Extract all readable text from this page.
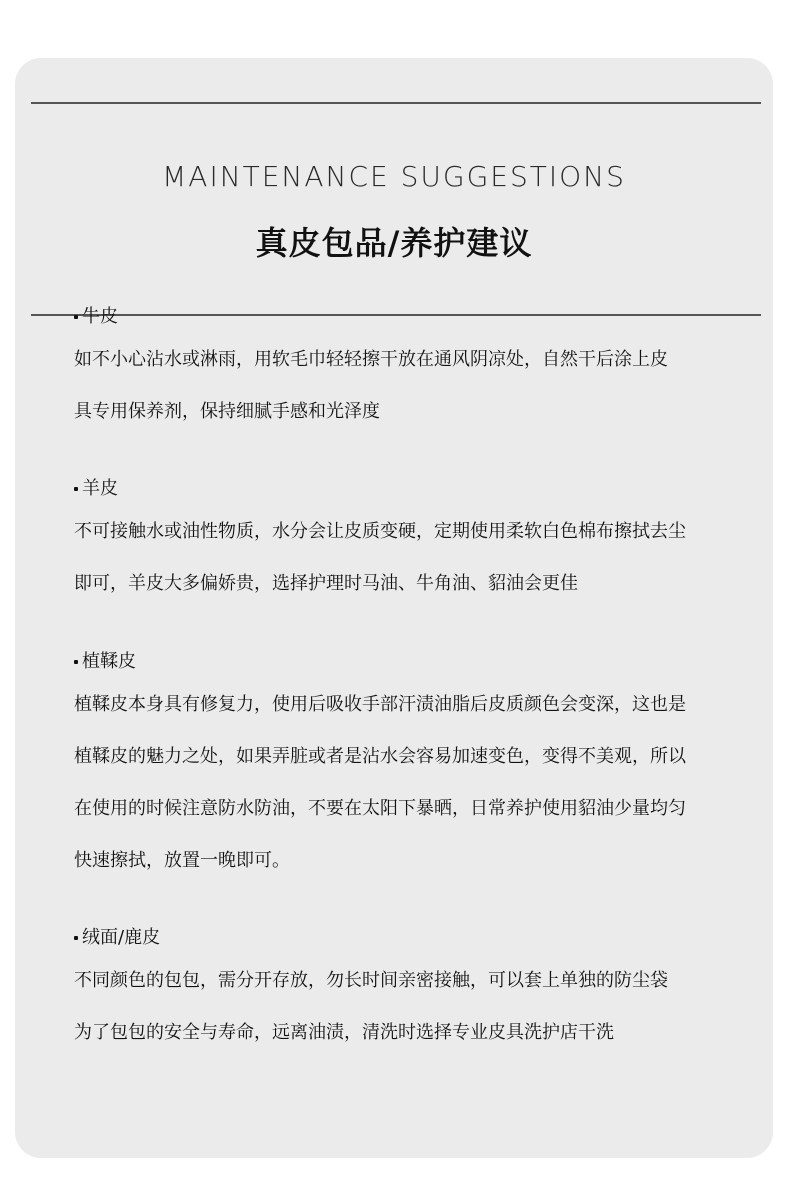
MAINTENANCE SUGGESTIONS
真皮包品/养护建议
牛皮

如不小心沾水或淋雨，用软毛巾轻轻擦干放在通风阴凉处，自然干后涂上皮

具专用保养剂，保持细腻手感和光泽度

羊皮

不可接触水或油性物质，水分会让皮质变硬，定期使用柔软白色棉布擦拭去尘

即可，羊皮大多偏娇贵，选择护理时马油、牛角油、貂油会更佳

植鞣皮

植鞣皮本身具有修复力，使用后吸收手部汗渍油脂后皮质颜色会变深，这也是

植鞣皮的魅力之处，如果弄脏或者是沾水会容易加速变色，变得不美观，所以

在使用的时候注意防水防油，不要在太阳下暴晒，日常养护使用貂油少量均匀

快速擦拭，放置一晚即可。

绒面/鹿皮

不同颜色的包包，需分开存放，勿长时间亲密接触，可以套上单独的防尘袋

为了包包的安全与寿命，远离油渍，清洗时选择专业皮具洗护店干洗
